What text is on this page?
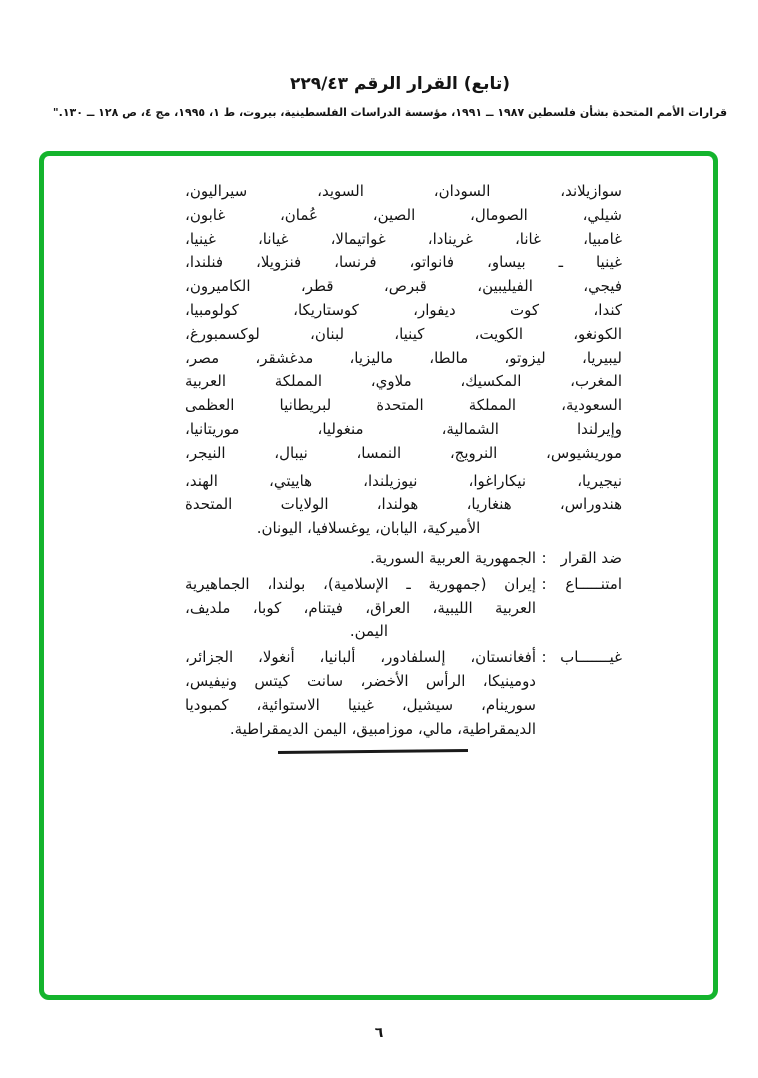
(تابع) القرار الرقم ٢٢٩/٤٣
قرارات الأمم المتحدة بشأن فلسطين ١٩٨٧ ــ ١٩٩١، مؤسسة الدراسات الفلسطينية، بيروت، ط ١، ١٩٩٥، مج ٤، ص ١٢٨ ــ ١٣٠."
سوازيلاند، السودان، السويد، سيراليون،
شيلي، الصومال، الصين، عُمان، غابون،
غامبيا، غانا، غرينادا، غواتيمالا، غيانا، غينيا،
غينيا ـ بيساو، فانواتو، فرنسا، فنزويلا، فنلندا،
فيجي، الفيليبين، قبرص، قطر، الكاميرون،
كندا، كوت ديفوار، كوستاريكا، كولومبيا،
الكونغو، الكويت، كينيا، لبنان، لوكسمبورغ،
ليبيريا، ليزوتو، مالطا، ماليزيا، مدغشقر، مصر،
المغرب، المكسيك، ملاوي، المملكة العربية
السعودية، المملكة المتحدة لبريطانيا العظمى
وإيرلندا الشمالية، منغوليا، موريتانيا،
موريشيوس، النرويج، النمسا، نيبال، النيجر،
نيجيريا، نيكاراغوا، نيوزيلندا، هاييتي، الهند،
هندوراس، هنغاريا، هولندا، الولايات المتحدة
الأميركية، اليابان، يوغسلافيا، اليونان.
ضد القرار
:
الجمهورية العربية السورية.
امتنـــــاع
:
إيران (جمهورية ـ الإسلامية)، بولندا، الجماهيرية
العربية الليبية، العراق، فيتنام، كوبا، ملديف،
اليمن.
غيـــــــاب
:
أفغانستان، إلسلفادور، ألبانيا، أنغولا، الجزائر،
دومينيكا، الرأس الأخضر، سانت كيتس ونيفيس،
سورينام، سيشيل، غينيا الاستوائية، كمبوديا
الديمقراطية، مالي، موزامبيق، اليمن الديمقراطية.
٦
